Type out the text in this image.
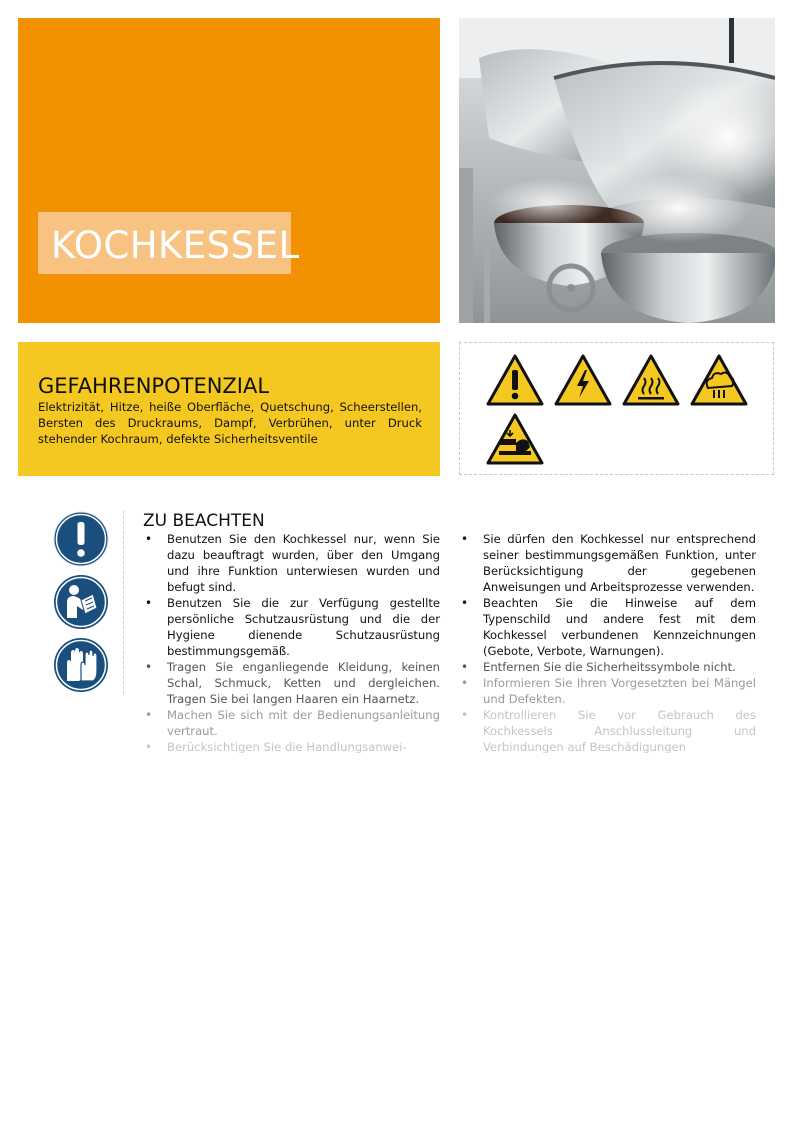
KOCHKESSEL
GEFAHRENPOTENZIAL
Elektrizität, Hitze, heiße Oberfläche, Quetschung, Scheerstellen, Bersten des Druckraums, Dampf, Verbrühen, unter Druck stehender Kochraum, defekte Sicherheitsventile
ZU BEACHTEN
• Benutzen Sie den Kochkessel nur, wenn Sie dazu beauftragt wurden, über den Umgang und ihre Funktion unterwiesen wurden und befugt sind.
• Benutzen Sie die zur Verfügung gestellte persönliche Schutzausrüstung und die der Hygiene dienende Schutzausrüstung bestimmungsgemäß.
• Tragen Sie enganliegende Kleidung, keinen Schal, Schmuck, Ketten und dergleichen. Tragen Sie bei langen Haaren ein Haarnetz.
• Machen Sie sich mit der Bedienungsanleitung vertraut.
• Berücksichtigen Sie die Handlungsanwei-
• Sie dürfen den Kochkessel nur entsprechend seiner bestimmungsgemäßen Funktion, unter Berücksichtigung der gegebenen Anweisungen und Arbeitsprozesse verwenden.
• Beachten Sie die Hinweise auf dem Typenschild und andere fest mit dem Kochkessel verbundenen Kennzeichnungen (Gebote, Verbote, Warnungen).
• Entfernen Sie die Sicherheitssymbole nicht.
• Informieren Sie Ihren Vorgesetzten bei Mängel und Defekten.
• Kontrollieren Sie vor Gebrauch des Kochkessels Anschlussleitung und Verbindungen auf Beschädigungen
